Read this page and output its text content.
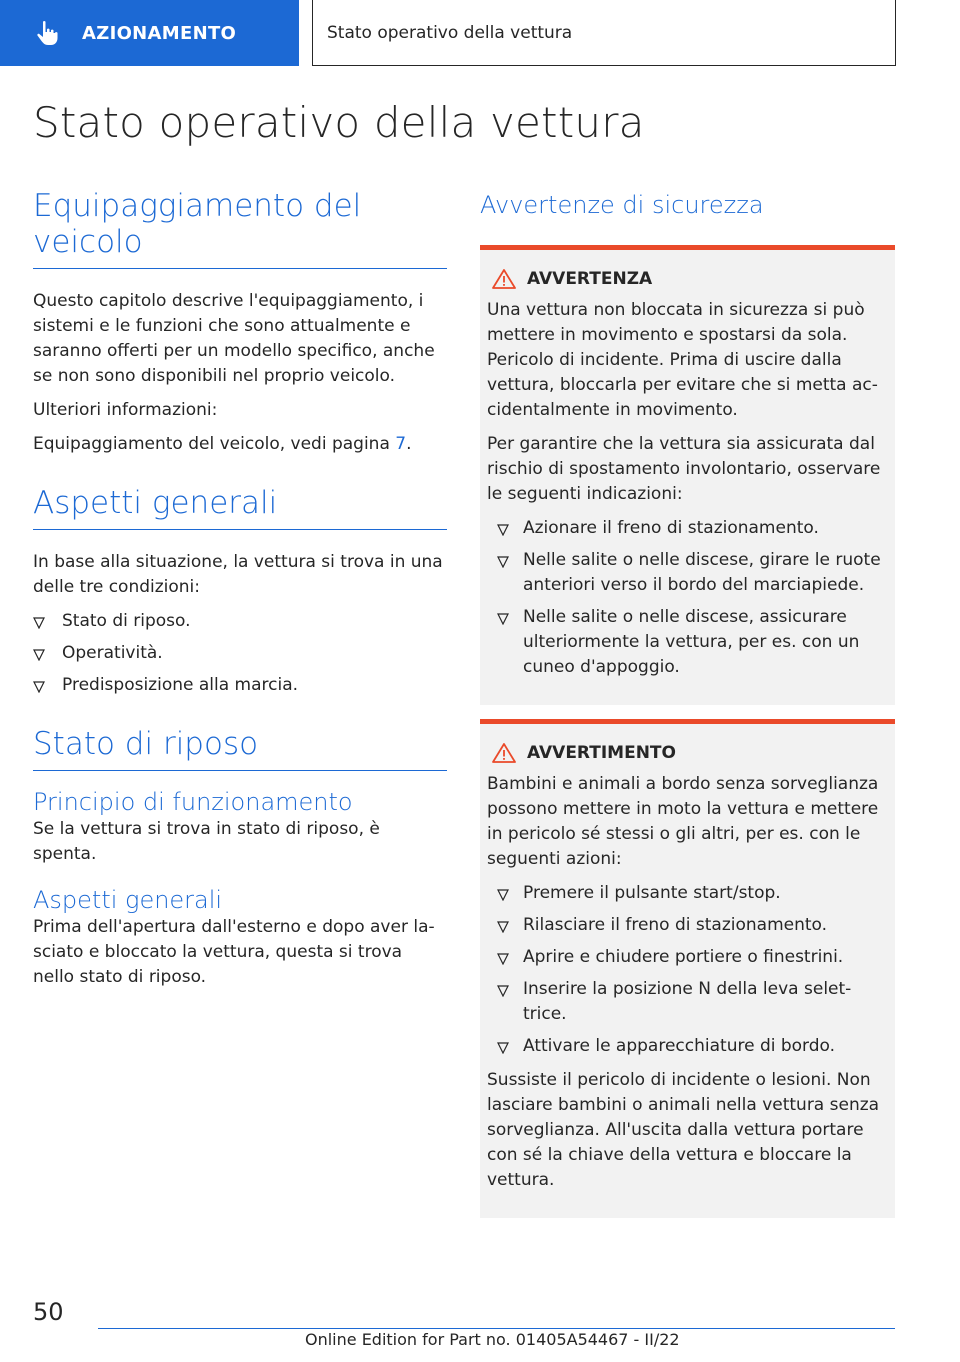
AZIONAMENTO	Stato operativo della vettura
Stato operativo della vettura
Equipaggiamento del veicolo

Questo capitolo descrive l'equipaggiamento, i sistemi e le funzioni che sono attualmente e saranno offerti per un modello specifico, anche se non sono disponibili nel proprio veicolo.

Ulteriori informazioni:

Equipaggiamento del veicolo, vedi pagina 7.

Aspetti generali

In base alla situazione, la vettura si trova in una delle tre condizioni:

Stato di riposo.
Operatività.
Predisposizione alla marcia.
Stato di riposo
Principio di funzionamento

Se la vettura si trova in stato di riposo, è spenta.

Aspetti generali

Prima dell'apertura dall'esterno e dopo aver lasciato e bloccato la vettura, questa si trova nello stato di riposo.

Avvertenze di sicurezza
AVVERTENZA

Una vettura non bloccata in sicurezza si può mettere in movimento e spostarsi da sola. Pericolo di incidente. Prima di uscire dalla vettura, bloccarla per evitare che si metta accidentalmente in movimento.

Per garantire che la vettura sia assicurata dal rischio di spostamento involontario, osservare le seguenti indicazioni:

Azionare il freno di stazionamento.
Nelle salite o nelle discese, girare le ruote anteriori verso il bordo del marciapiede.
Nelle salite o nelle discese, assicurare ulteriormente la vettura, per es. con un cuneo d'appoggio.
AVVERTIMENTO

Bambini e animali a bordo senza sorveglianza possono mettere in moto la vettura e mettere in pericolo sé stessi o gli altri, per es. con le seguenti azioni:

Premere il pulsante start/stop.
Rilasciare il freno di stazionamento.
Aprire e chiudere portiere o finestrini.
Inserire la posizione N della leva selettrice.
Attivare le apparecchiature di bordo.

Sussiste il pericolo di incidente o lesioni. Non lasciare bambini o animali nella vettura senza sorveglianza. All'uscita dalla vettura portare con sé la chiave della vettura e bloccare la vettura.

50
Online Edition for Part no. 01405A54467 - II/22
